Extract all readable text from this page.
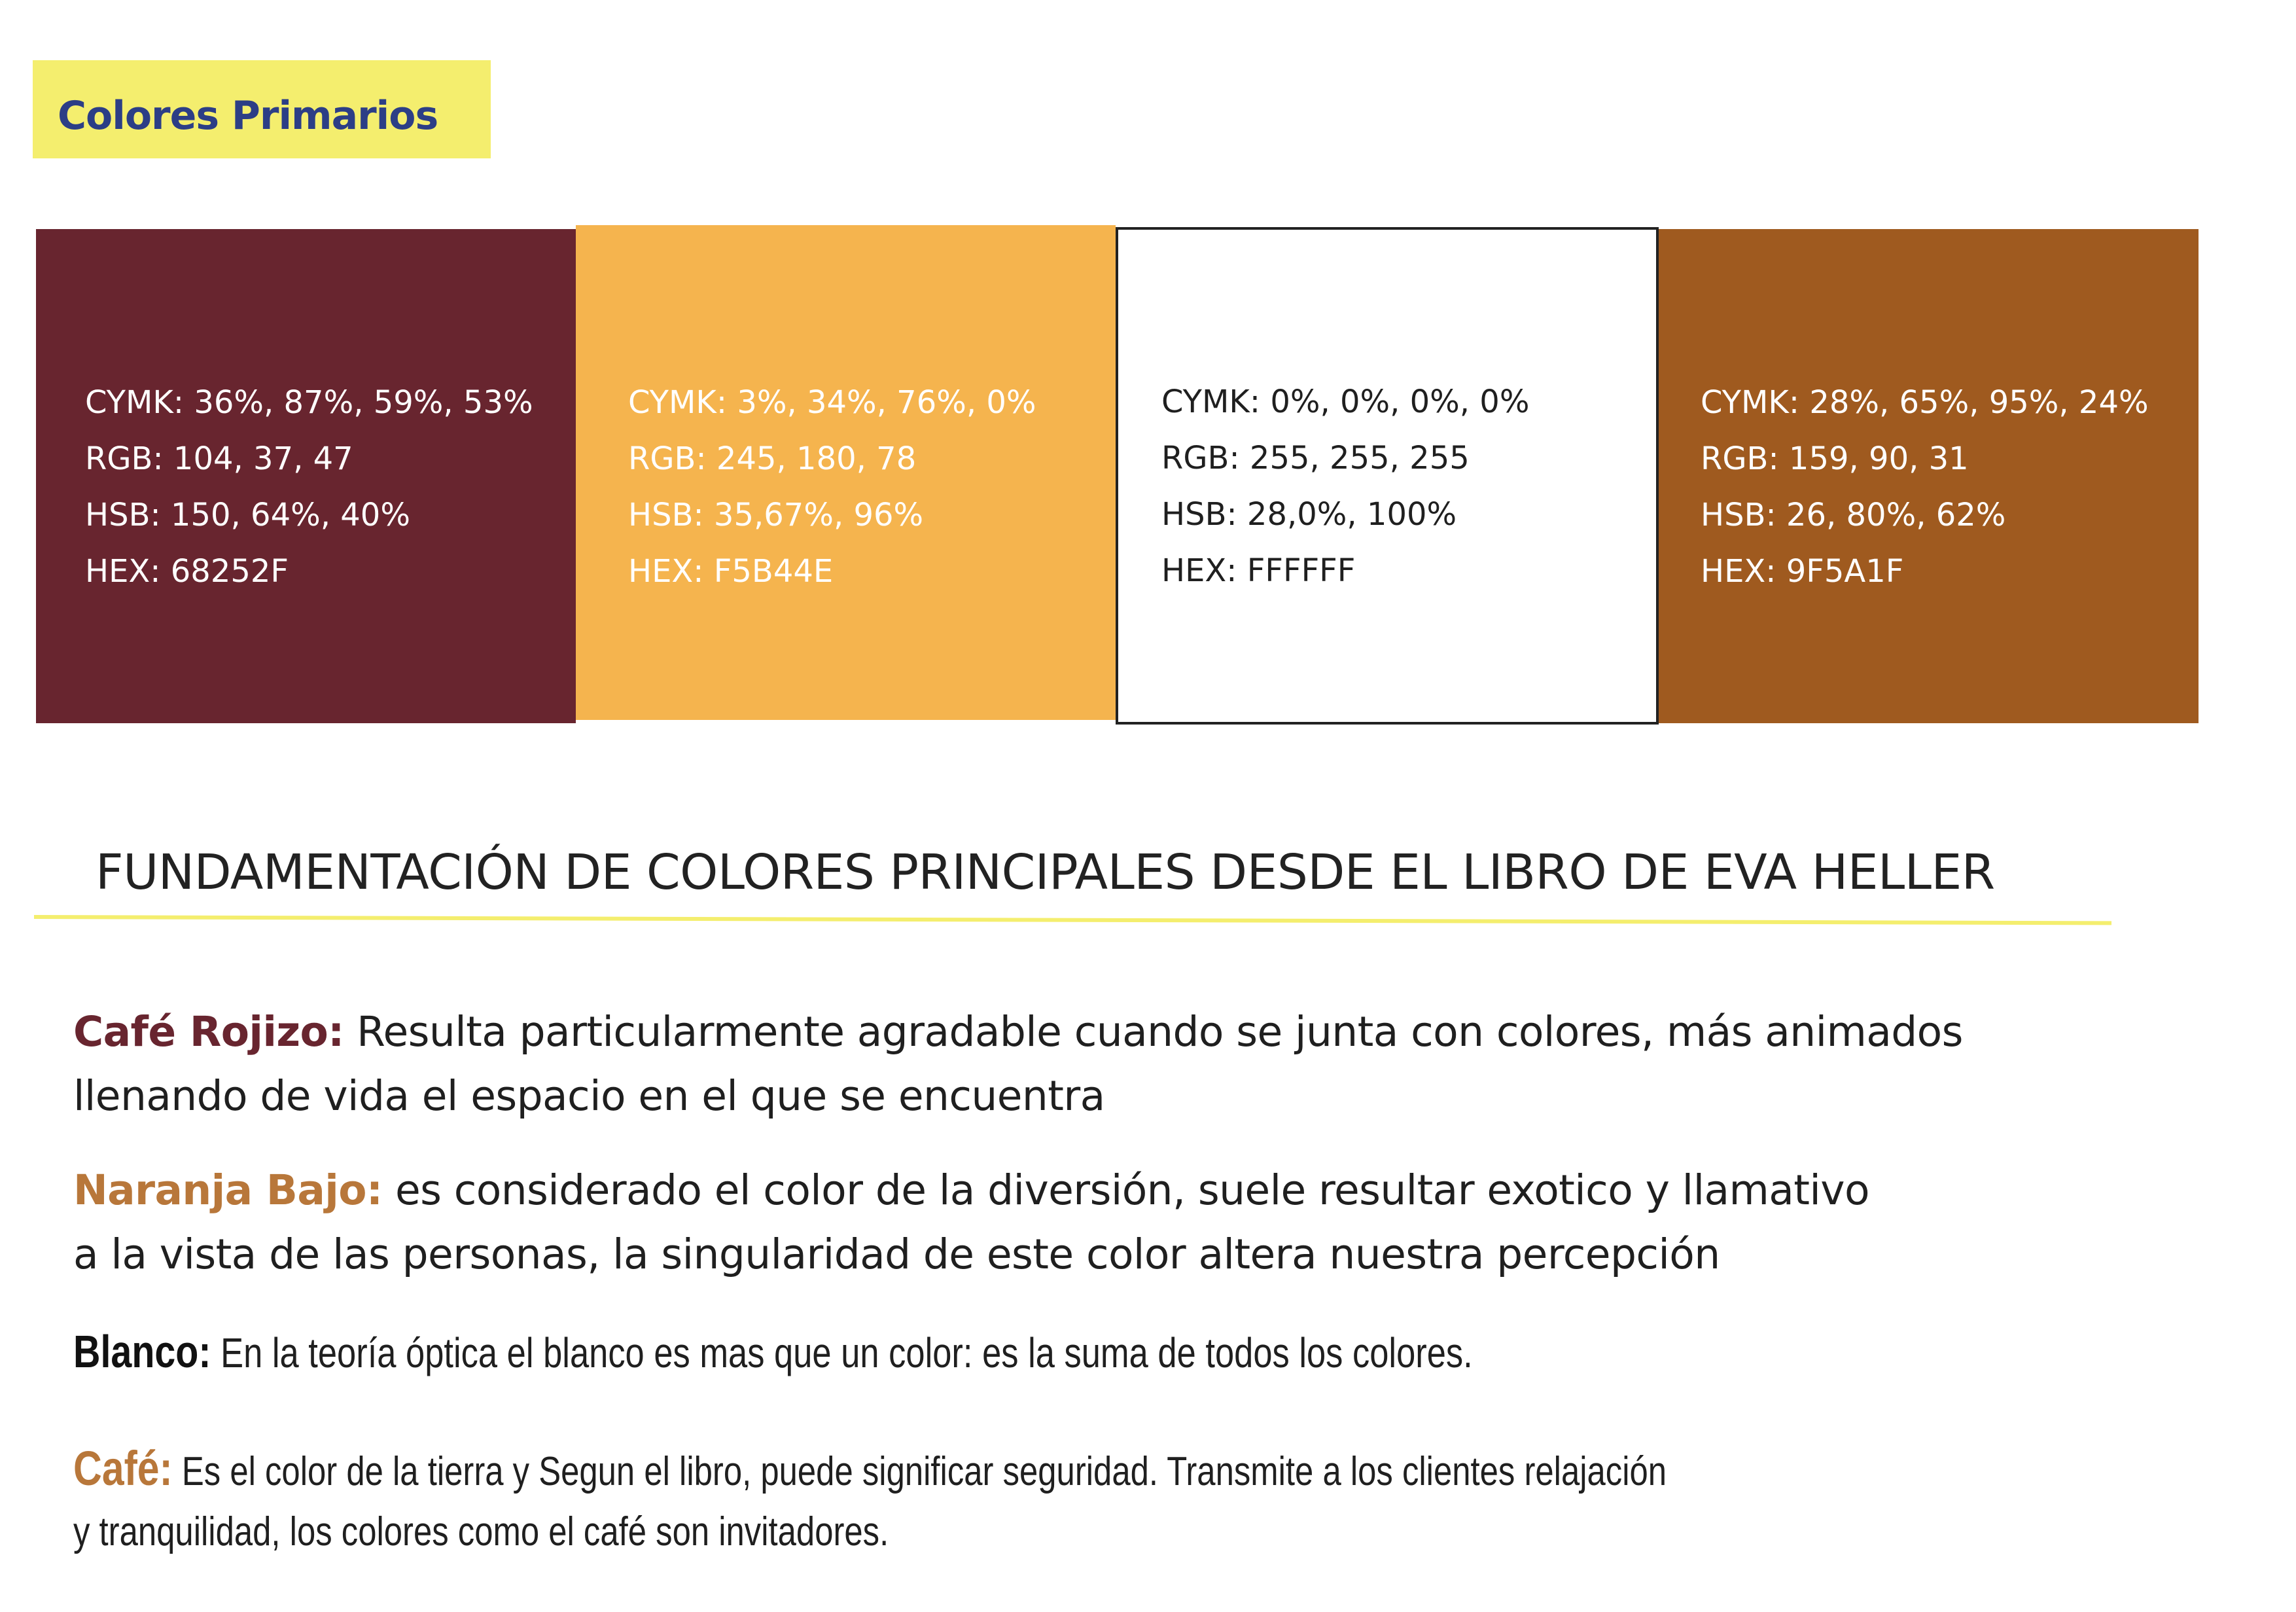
Colores Primarios
CYMK: 36%, 87%, 59%, 53%
RGB: 104, 37, 47
HSB: 150, 64%, 40%
HEX: 68252F
CYMK: 3%, 34%, 76%, 0%
RGB: 245, 180, 78
HSB: 35,67%, 96%
HEX: F5B44E
CYMK: 0%, 0%, 0%, 0%
RGB: 255, 255, 255
HSB: 28,0%, 100%
HEX: FFFFFF
CYMK: 28%, 65%, 95%, 24%
RGB: 159, 90, 31
HSB: 26, 80%, 62%
HEX: 9F5A1F
FUNDAMENTACIÓN DE COLORES PRINCIPALES DESDE EL LIBRO DE EVA HELLER
Café Rojizo: Resulta particularmente agradable cuando se junta con colores, más animados
llenando de vida el espacio en el que se encuentra
Naranja Bajo: es considerado el color de la diversión, suele resultar exotico y llamativo
a la vista de las personas, la singularidad de este color altera nuestra percepción
Blanco: En la teoría óptica el blanco es mas que un color: es la suma de todos los colores.
Café: Es el color de la tierra y Segun el libro, puede significar seguridad. Transmite a los clientes relajación
y tranquilidad, los colores como el café son invitadores.
